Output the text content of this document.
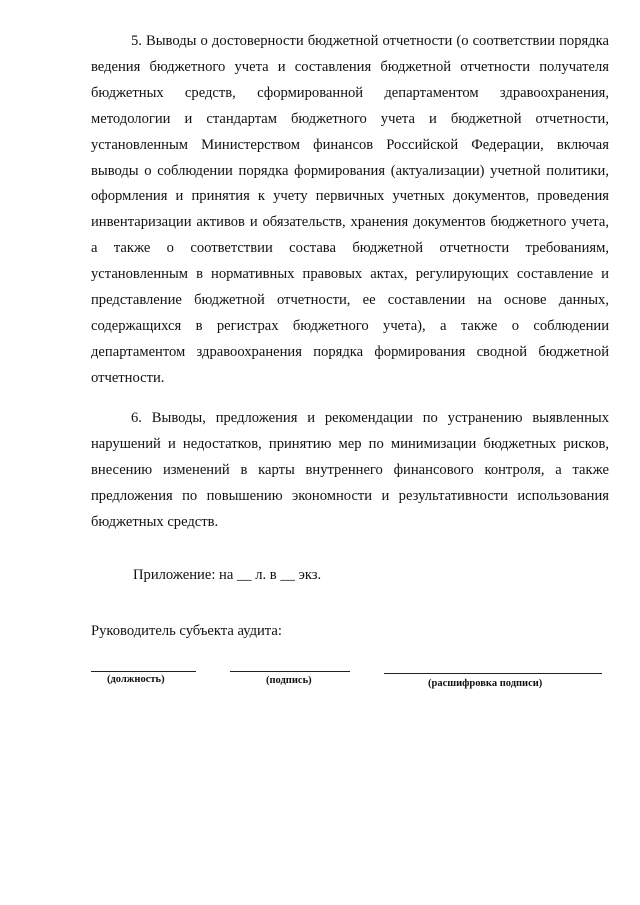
5. Выводы о достоверности бюджетной отчетности (о соответствии порядка ведения бюджетного учета и составления бюджетной отчетности получателя бюджетных средств, сформированной департаментом здравоохранения, методологии и стандартам бюджетного учета и бюджетной отчетности, установленным Министерством финансов Российской Федерации, включая выводы о соблюдении порядка формирования (актуализации) учетной политики, оформления и принятия к учету первичных учетных документов, проведения инвентаризации активов и обязательств, хранения документов бюджетного учета, а также о соответствии состава бюджетной отчетности требованиям, установленным в нормативных правовых актах, регулирующих составление и представление бюджетной отчетности, ее составлении на основе данных, содержащихся в регистрах бюджетного учета), а также о соблюдении департаментом здравоохранения порядка формирования сводной бюджетной отчетности.

6. Выводы, предложения и рекомендации по устранению выявленных нарушений и недостатков, принятию мер по минимизации бюджетных рисков, внесению изменений в карты внутреннего финансового контроля, а также предложения по повышению экономности и результативности использования бюджетных средств.

Приложение: на __ л. в __ экз.

Руководитель субъекта аудита:

(должность)	(подпись)	(расшифровка подписи)
